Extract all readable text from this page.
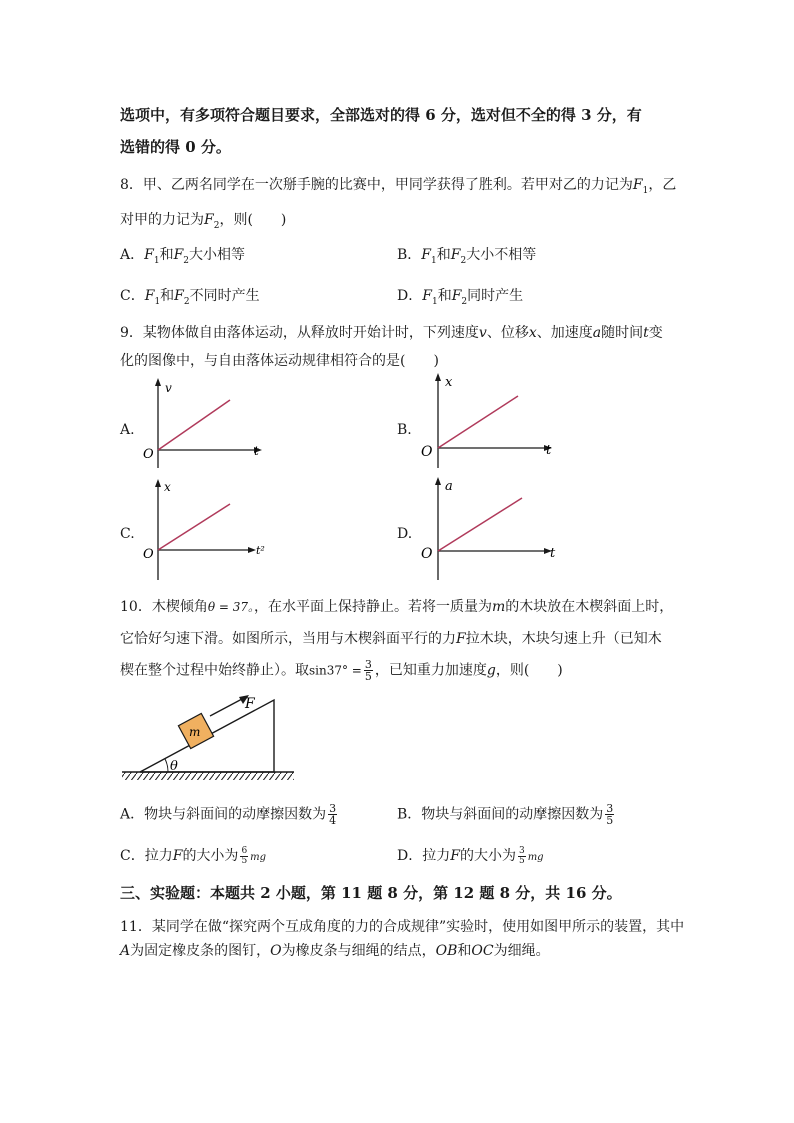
选项中，有多项符合题目要求，全部选对的得 6 分，选对但不全的得 3 分，有
选错的得 0 分。
8．甲、乙两名同学在一次掰手腕的比赛中，甲同学获得了胜利。若甲对乙的力记为$F_1$，乙
对甲的力记为$F_2$，则(　　)
A．$F_1$和$F_2$大小相等	B．$F_1$和$F_2$大小不相等
C．$F_1$和$F_2$不同时产生	D．$F_1$和$F_2$同时产生
9．某物体做自由落体运动，从释放时开始计时，下列速度v、位移x、加速度a随时间t变
化的图像中，与自由落体运动规律相符合的是(　　)
A.
v
O	t
B.
x
O	t
C.
x
O	t²
D.
a
O	t
10．木楔倾角θ = 37。，在水平面上保持静止。若将一质量为m的木块放在木楔斜面上时，
它恰好匀速下滑。如图所示，当用与木楔斜面平行的力F拉木块，木块匀速上升（已知木
楔在整个过程中始终静止）。取$\sin 37^\circ = \frac{3}{5}$ ，已知重力加速度g，则(　　)
θ
m
F
A．物块与斜面间的动摩擦因数为 $\frac{3}{4}$	B．物块与斜面间的动摩擦因数为 $\frac{3}{5}$
C．拉力F的大小为 $\frac{6}{5}$ mg	D．拉力F的大小为 $\frac{3}{5}$ mg
三、实验题：本题共 2 小题，第 11 题 8 分，第 12 题 8 分，共 16 分。
11．某同学在做“探究两个互成角度的力的合成规律”实验时，使用如图甲所示的装置，其中
A为固定橡皮条的图钉，O为橡皮条与细绳的结点，OB和OC为细绳。
